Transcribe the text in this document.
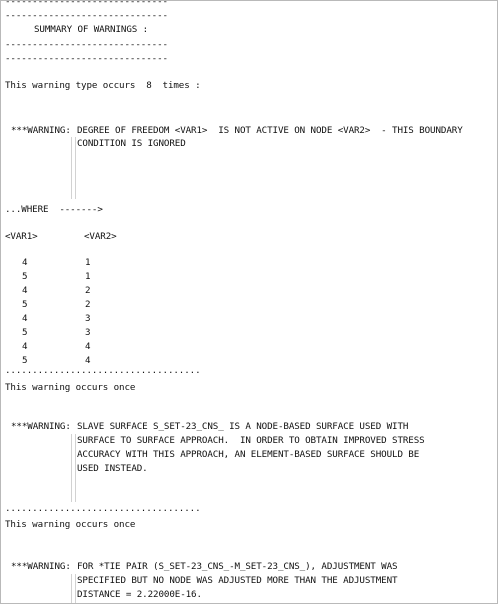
------------------------------
------------------------------
SUMMARY OF WARNINGS :
------------------------------
------------------------------
This warning type occurs  8  times :
***WARNING: DEGREE OF FREEDOM <VAR1>  IS NOT ACTIVE ON NODE <VAR2>  - THIS BOUNDARY
CONDITION IS IGNORED
...WHERE  ------->
<VAR1>	<VAR2>
4	1
5	1
4	2
5	2
4	3
5	3
4	4
5	4
....................................
This warning occurs once
***WARNING: SLAVE SURFACE S_SET-23_CNS_ IS A NODE-BASED SURFACE USED WITH
SURFACE TO SURFACE APPROACH.  IN ORDER TO OBTAIN IMPROVED STRESS
ACCURACY WITH THIS APPROACH, AN ELEMENT-BASED SURFACE SHOULD BE
USED INSTEAD.
....................................
This warning occurs once
***WARNING: FOR *TIE PAIR (S_SET-23_CNS_-M_SET-23_CNS_), ADJUSTMENT WAS
SPECIFIED BUT NO NODE WAS ADJUSTED MORE THAN THE ADJUSTMENT
DISTANCE = 2.22000E-16.
